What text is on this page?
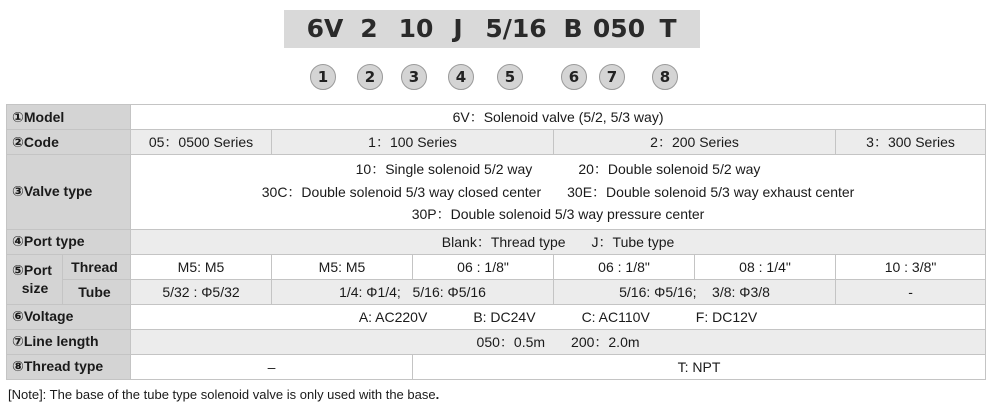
6V 2 10 J 5/16 B 050 T
1	2	3	4	5	6	7	8
①Model		6V：Solenoid valve (5/2, 5/3 way)					
②Code		05：0500 Series	1：100 Series		2：200 Series		3：300 Series
③Valve type		10：Single solenoid 5/2 way 20：Double solenoid 5/2 way
30C：Double solenoid 5/3 way closed center 30E：Double solenoid 5/3 way exhaust center
30P：Double solenoid 5/3 way pressure center					

④Port type		Blank：Thread type J：Tube type					

⑤Port
size	Thread	M5: M5	M5: M5	06 : 1/8"	06 : 1/8"	08 : 1/4"	10 : 3/8"
	Tube	5/32 : Φ5/32	1/4: Φ1/4; 5/16: Φ5/16		5/16: Φ5/16; 3/8: Φ3/8		-
⑥Voltage		A: AC220V B: DC24V C: AC110V F: DC12V					
⑦Line length		050：0.5m 200：2.0m					
⑧Thread type		–		T: NPT			
[Note]: The base of the tube type solenoid valve is only used with the base.
